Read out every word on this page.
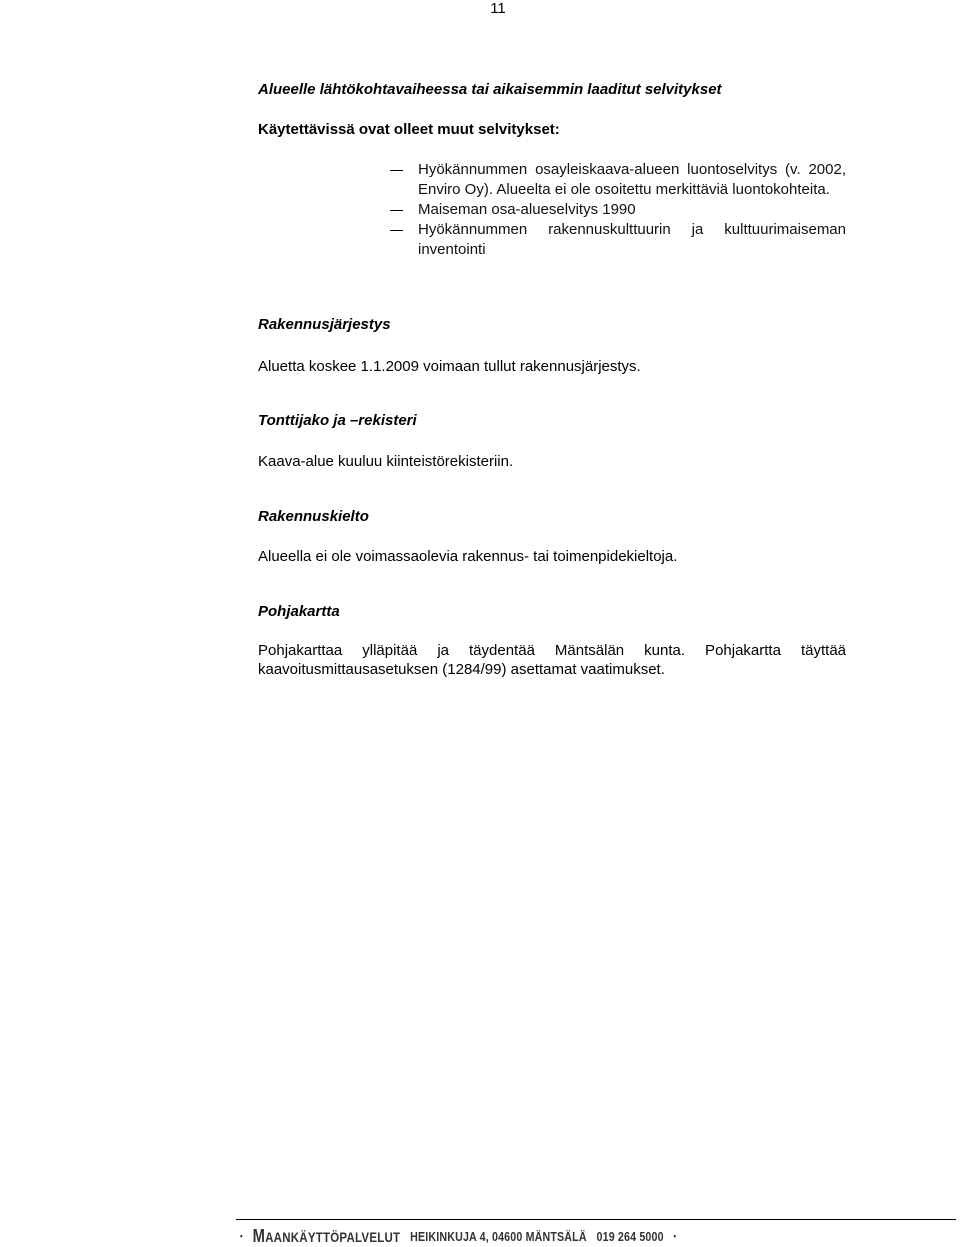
11
Alueelle lähtökohtavaiheessa tai aikaisemmin laaditut selvitykset

Käytettävissä ovat olleet muut selvitykset:

Hyökännummen osayleiskaava-alueen luontoselvitys (v. 2002, Enviro Oy). Alueelta ei ole osoitettu merkittäviä luontokohteita.
Maiseman osa-alueselvitys 1990
Hyökännummen rakennuskulttuurin ja kulttuurimaiseman inventointi
Rakennusjärjestys

Aluetta koskee 1.1.2009 voimaan tullut rakennusjärjestys.

Tonttijako ja –rekisteri

Kaava-alue kuuluu kiinteistörekisteriin.

Rakennuskielto

Alueella ei ole voimassaolevia rakennus- tai toimenpidekieltoja.

Pohjakartta

Pohjakarttaa ylläpitää ja täydentää Mäntsälän kunta. Pohjakartta täyttää kaavoitusmittausasetuksen (1284/99) asettamat vaatimukset.

• MAANKÄYTTÖPALVELUT HEIKINKUJA 4, 04600 MÄNTSÄLÄ 019 264 5000 •
